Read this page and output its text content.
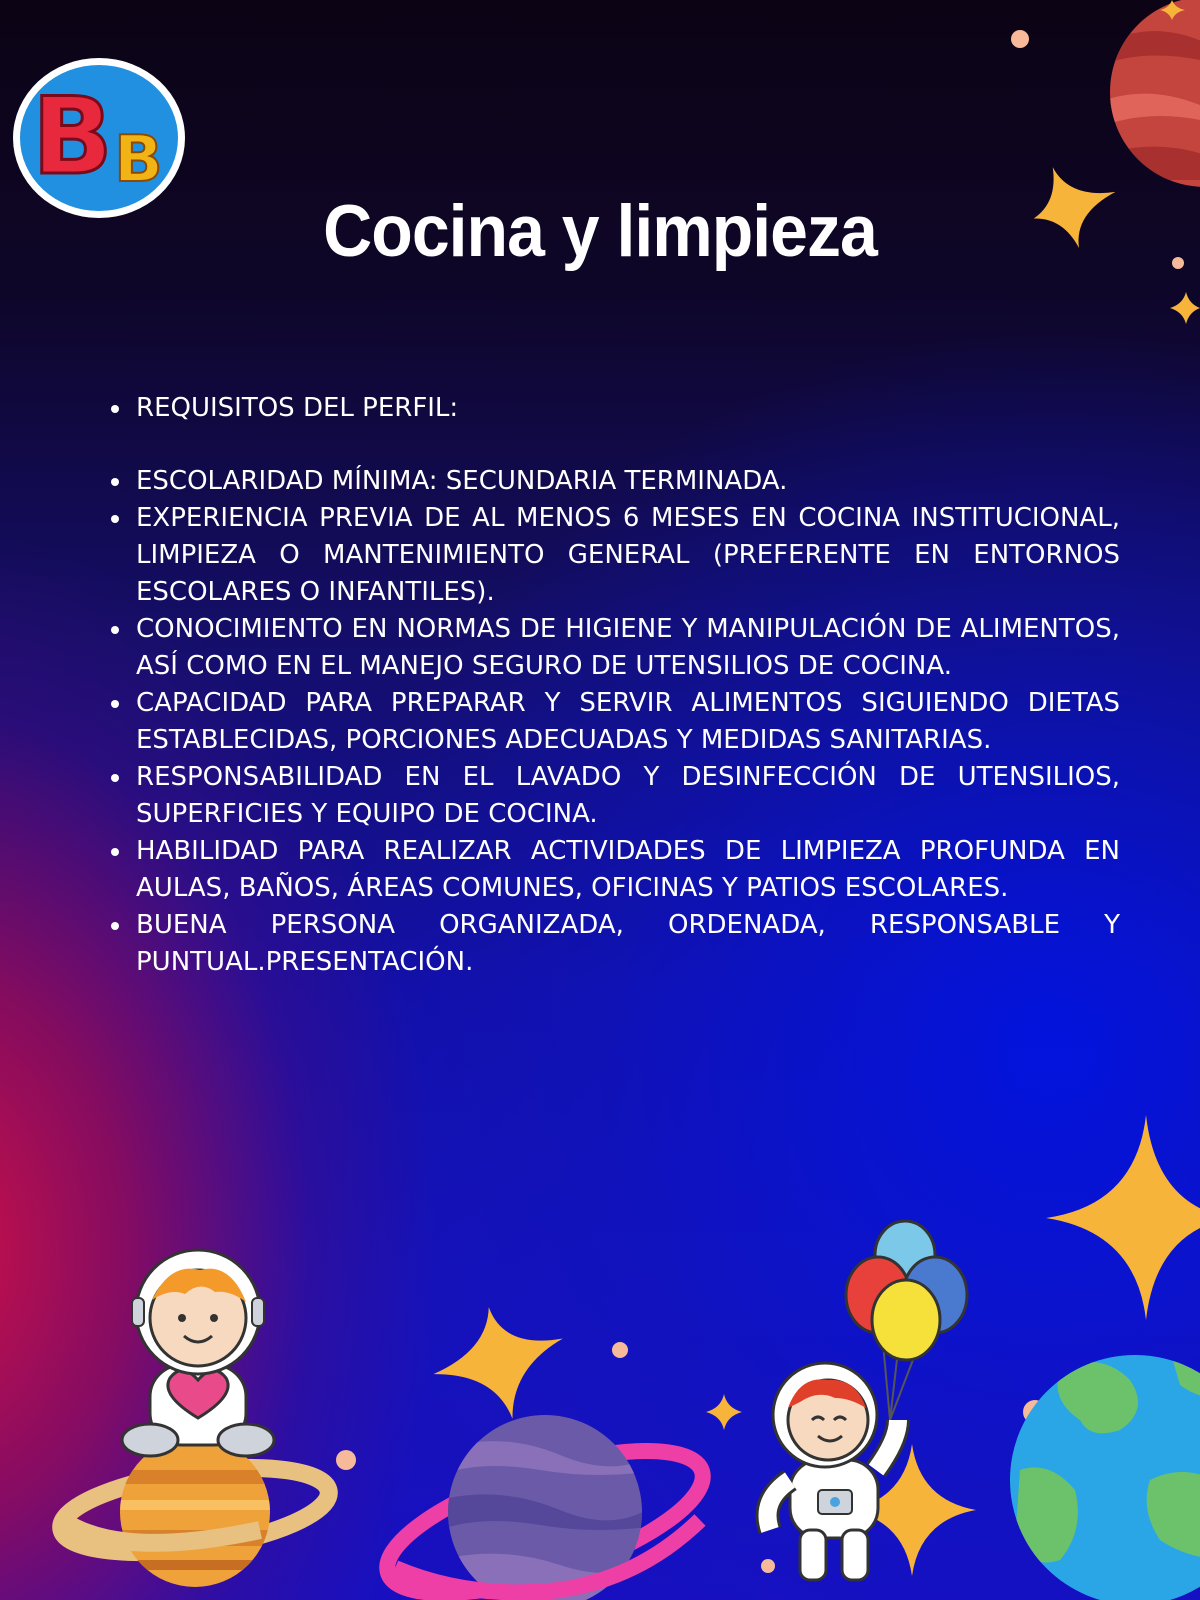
B
B
Cocina y limpieza
REQUISITOS DEL PERFIL:
ESCOLARIDAD MÍNIMA: SECUNDARIA TERMINADA.
EXPERIENCIA PREVIA DE AL MENOS 6 MESES EN COCINA INSTITUCIONAL, LIMPIEZA O MANTENIMIENTO GENERAL (PREFERENTE EN ENTORNOS ESCOLARES O INFANTILES).
CONOCIMIENTO EN NORMAS DE HIGIENE Y MANIPULACIÓN DE ALIMENTOS, ASÍ COMO EN EL MANEJO SEGURO DE UTENSILIOS DE COCINA.
CAPACIDAD PARA PREPARAR Y SERVIR ALIMENTOS SIGUIENDO DIETAS ESTABLECIDAS, PORCIONES ADECUADAS Y MEDIDAS SANITARIAS.
RESPONSABILIDAD EN EL LAVADO Y DESINFECCIÓN DE UTENSILIOS, SUPERFICIES Y EQUIPO DE COCINA.
HABILIDAD PARA REALIZAR ACTIVIDADES DE LIMPIEZA PROFUNDA EN AULAS, BAÑOS, ÁREAS COMUNES, OFICINAS Y PATIOS ESCOLARES.
BUENA PERSONA ORGANIZADA, ORDENADA, RESPONSABLE Y PUNTUAL.PRESENTACIÓN.
